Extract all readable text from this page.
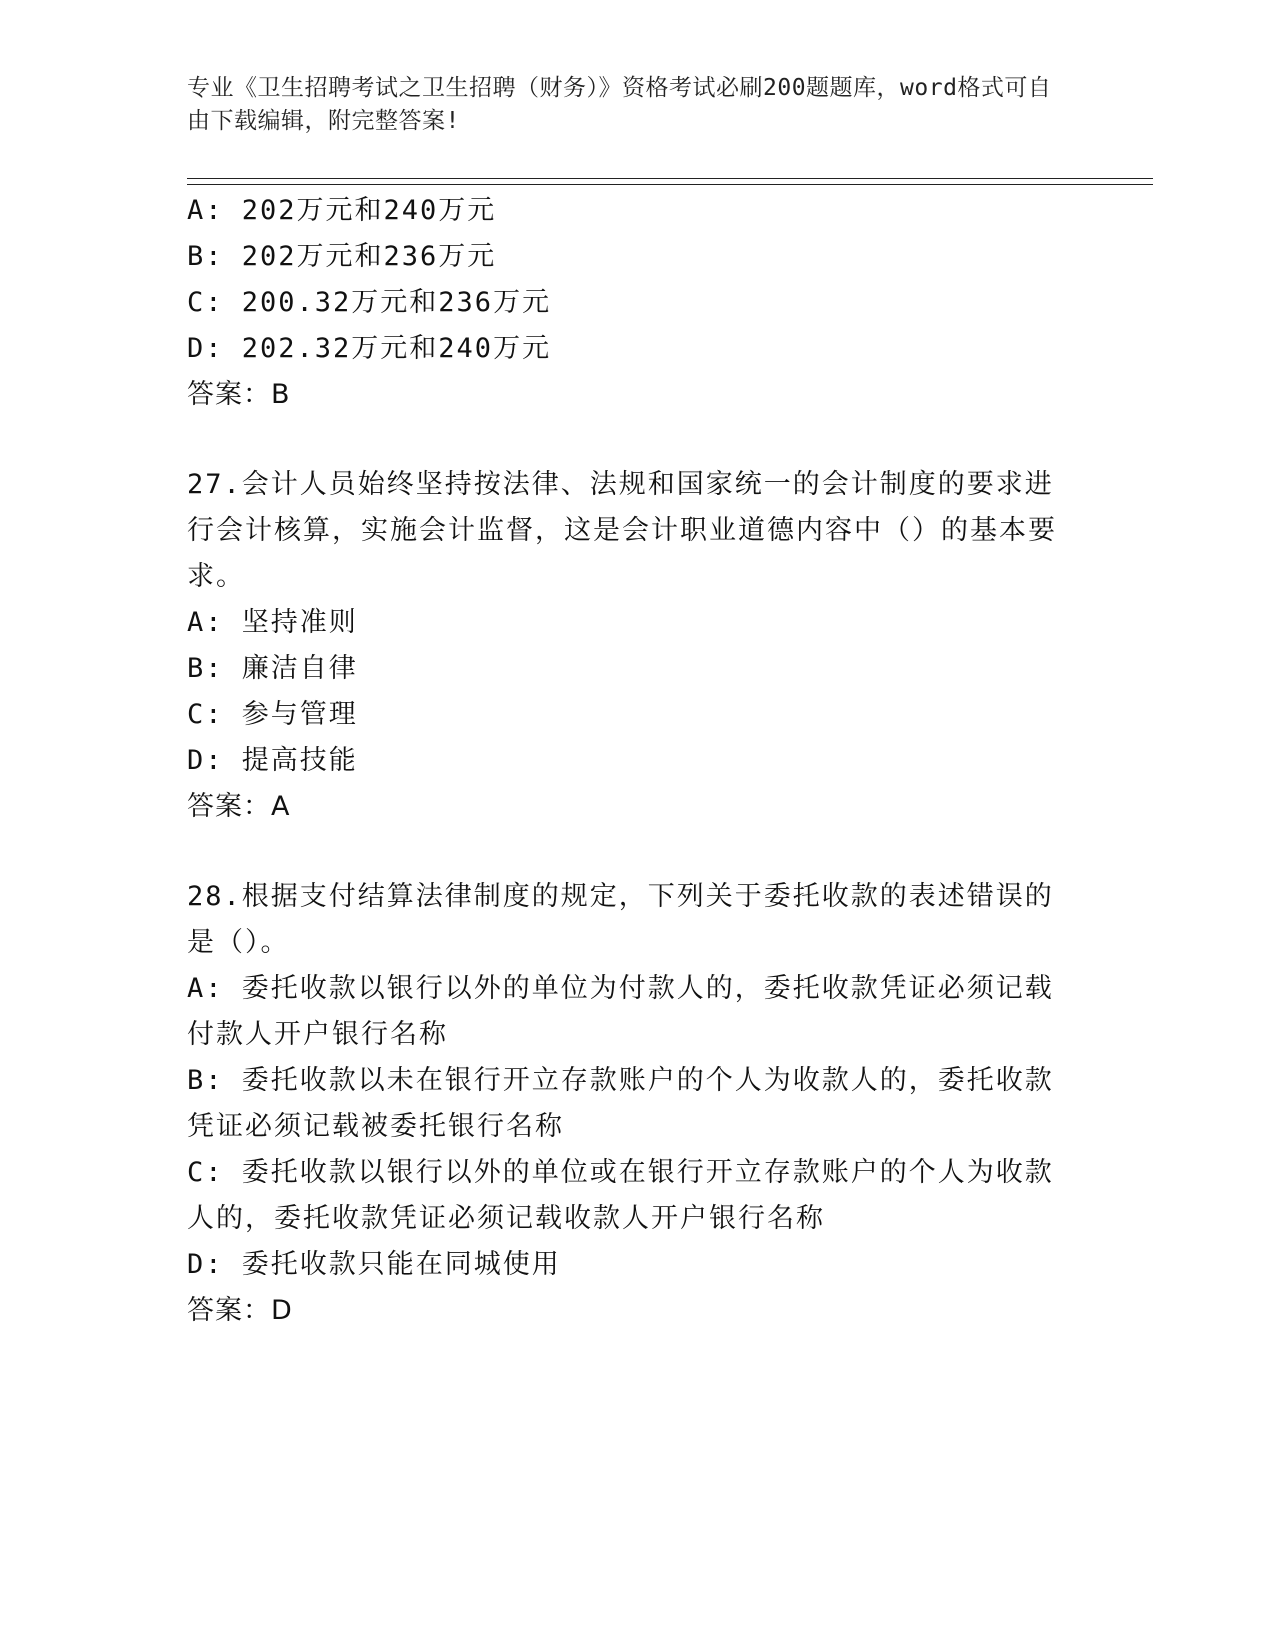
专业《卫生招聘考试之卫生招聘（财务）》资格考试必刷200题题库，word格式可自由下载编辑，附完整答案!

A: 202万元和240万元

B: 202万元和236万元

C: 200.32万元和236万元

D: 202.32万元和240万元

答案：B

27.会计人员始终坚持按法律、法规和国家统一的会计制度的要求进行会计核算，实施会计监督，这是会计职业道德内容中（）的基本要求。

A: 坚持准则

B: 廉洁自律

C: 参与管理

D: 提高技能

答案：A

28.根据支付结算法律制度的规定，下列关于委托收款的表述错误的是（）。

A: 委托收款以银行以外的单位为付款人的，委托收款凭证必须记载付款人开户银行名称

B: 委托收款以未在银行开立存款账户的个人为收款人的，委托收款凭证必须记载被委托银行名称

C: 委托收款以银行以外的单位或在银行开立存款账户的个人为收款人的，委托收款凭证必须记载收款人开户银行名称

D: 委托收款只能在同城使用

答案：D
